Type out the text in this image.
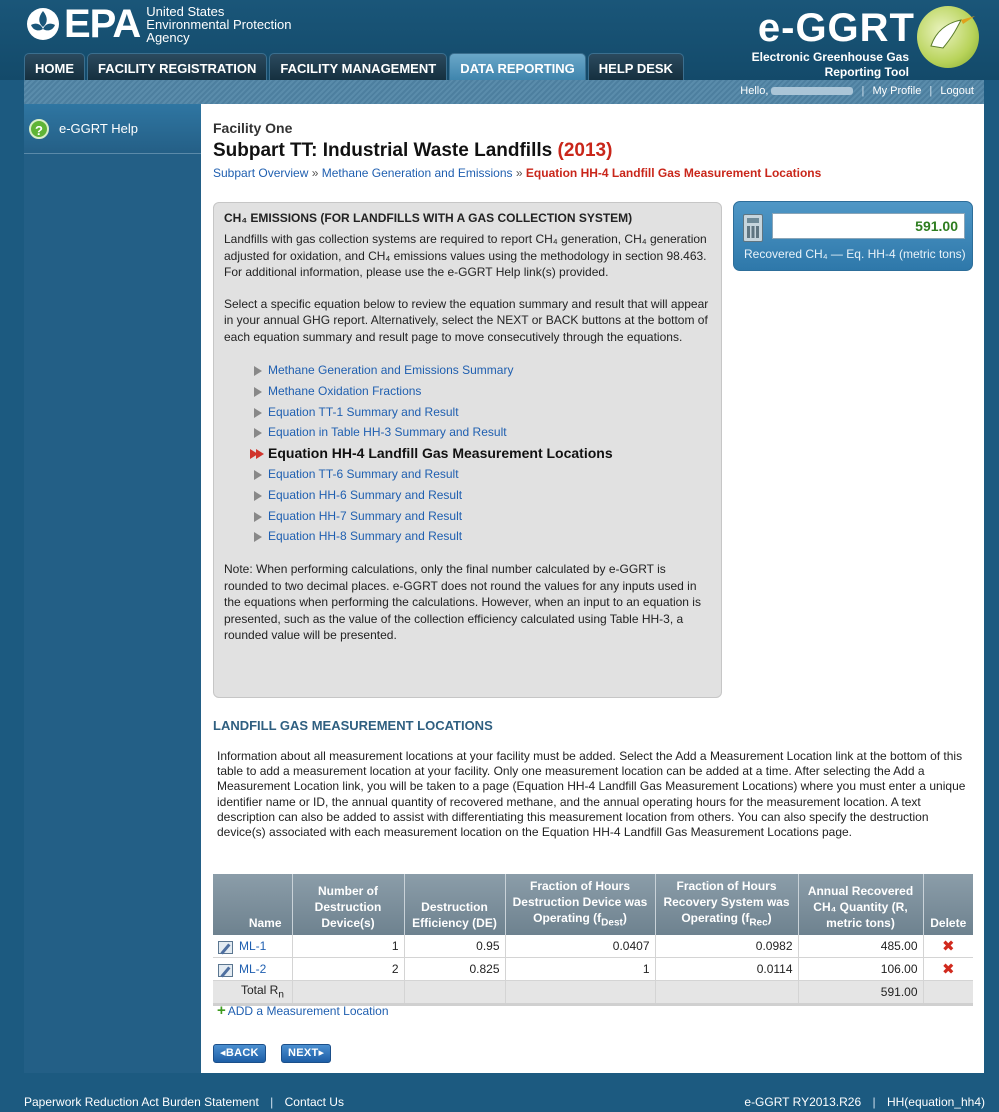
EPA United States
Environmental Protection
Agency	e-GGRT
Electronic Greenhouse Gas
Reporting Tool
HOME	FACILITY REGISTRATION	FACILITY MANAGEMENT	DATA REPORTING	HELP DESK
Hello,	| My Profile | Logout
?	e-GGRT Help	Facility One
Subpart TT: Industrial Waste Landfills (2013)
Subpart Overview » Methane Generation and Emissions » Equation HH-4 Landfill Gas Measurement Locations
CH₄ EMISSIONS (FOR LANDFILLS WITH A GAS COLLECTION SYSTEM)

Landfills with gas collection systems are required to report CH₄ generation, CH₄ generation adjusted for oxidation, and CH₄ emissions values using the methodology in section 98.463. For additional information, please use the e-GGRT Help link(s) provided.

Select a specific equation below to review the equation summary and result that will appear in your annual GHG report. Alternatively, select the NEXT or BACK buttons at the bottom of each equation summary and result page to move consecutively through the equations.

Methane Generation and Emissions Summary
Methane Oxidation Fractions
Equation TT-1 Summary and Result
Equation in Table HH-3 Summary and Result
Equation HH-4 Landfill Gas Measurement Locations
Equation TT-6 Summary and Result
Equation HH-6 Summary and Result
Equation HH-7 Summary and Result
Equation HH-8 Summary and Result

Note: When performing calculations, only the final number calculated by e-GGRT is rounded to two decimal places. e-GGRT does not round the values for any inputs used in the equations when performing the calculations. However, when an input to an equation is presented, such as the value of the collection efficiency calculated using Table HH-3, a rounded value will be presented.

591.00
Recovered CH₄ — Eq. HH-4 (metric tons)
LANDFILL GAS MEASUREMENT LOCATIONS
Information about all measurement locations at your facility must be added. Select the Add a Measurement Location link at the bottom of this table to add a measurement location at your facility. Only one measurement location can be added at a time. After selecting the Add a Measurement Location link, you will be taken to a page (Equation HH-4 Landfill Gas Measurement Locations) where you must enter a unique identifier name or ID, the annual quantity of recovered methane, and the annual operating hours for the measurement location. A text description can also be added to assist with differentiating this measurement location from others. You can also specify the destruction device(s) associated with each measurement location on the Equation HH-4 Landfill Gas Measurement Locations page.
Name	Number of Destruction Device(s)	Destruction Efficiency (DE)	Fraction of Hours Destruction Device was Operating $(f_{Dest})$	Fraction of Hours Recovery System was Operating $(f_{Rec})$	Annual Recovered CH₄ Quantity (R, metric tons)	Delete
ML-1	1	0.95	0.0407	0.0982	485.00	✖
ML-2	2	0.825	1	0.0114	106.00	✖
Total $R_n$					591.00	
+ ADD a Measurement Location
◂BACK	NEXT▸
Paperwork Reduction Act Burden Statement | Contact Us	e-GGRT RY2013.R26 | HH(equation_hh4)
